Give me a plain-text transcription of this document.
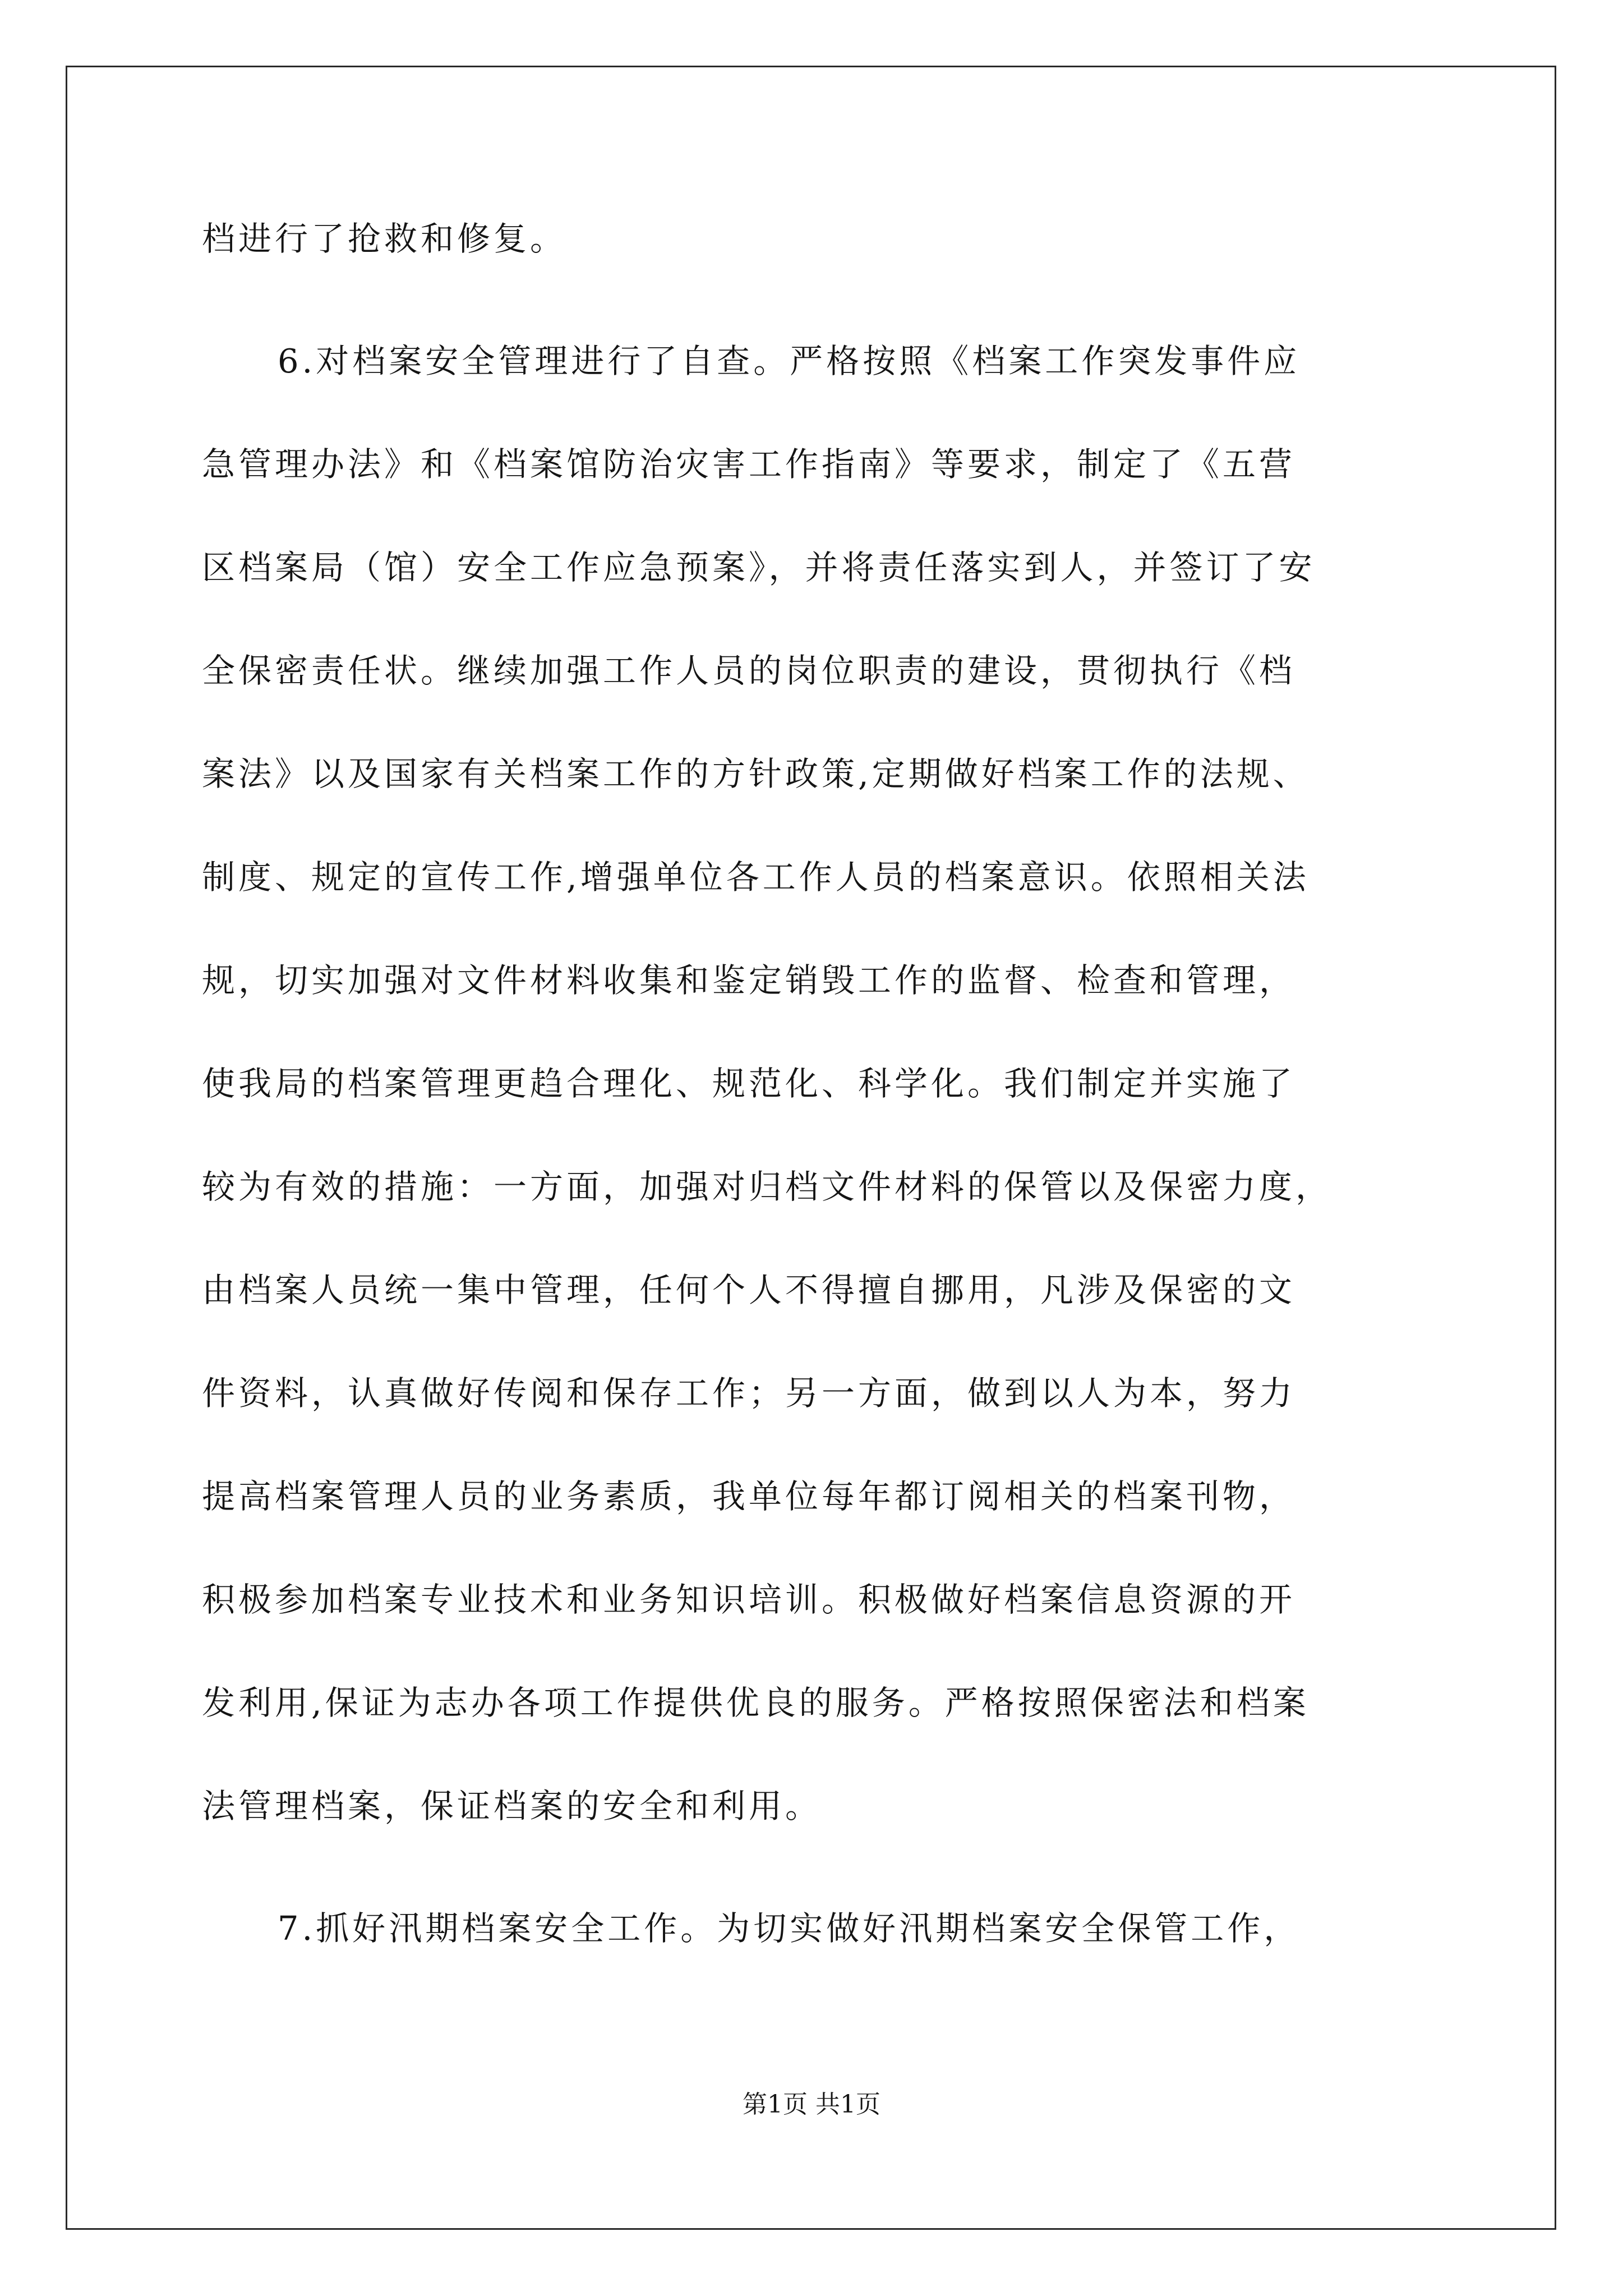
档进行了抢救和修复。
6.对档案安全管理进行了自查。严格按照《档案工作突发事件应
急管理办法》和《档案馆防治灾害工作指南》等要求，制定了《五营
区档案局（馆）安全工作应急预案》，并将责任落实到人，并签订了安
全保密责任状。继续加强工作人员的岗位职责的建设，贯彻执行《档
案法》以及国家有关档案工作的方针政策,定期做好档案工作的法规、
制度、规定的宣传工作,增强单位各工作人员的档案意识。依照相关法
规，切实加强对文件材料收集和鉴定销毁工作的监督、检查和管理，
使我局的档案管理更趋合理化、规范化、科学化。我们制定并实施了
较为有效的措施：一方面，加强对归档文件材料的保管以及保密力度，
由档案人员统一集中管理，任何个人不得擅自挪用，凡涉及保密的文
件资料，认真做好传阅和保存工作；另一方面，做到以人为本，努力
提高档案管理人员的业务素质，我单位每年都订阅相关的档案刊物，
积极参加档案专业技术和业务知识培训。积极做好档案信息资源的开
发利用,保证为志办各项工作提供优良的服务。严格按照保密法和档案
法管理档案，保证档案的安全和利用。
7.抓好汛期档案安全工作。为切实做好汛期档案安全保管工作，
第1页 共1页
